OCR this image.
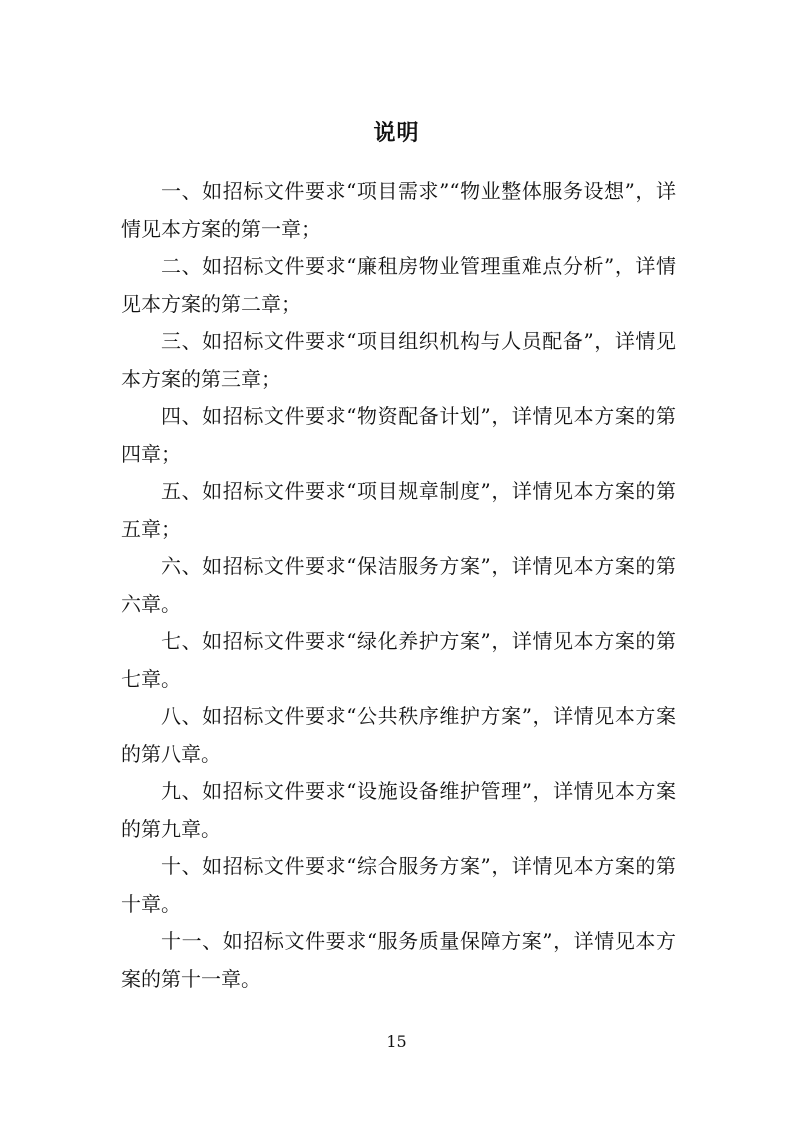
说明

一、如招标文件要求“项目需求”“物业整体服务设想”，详情见本方案的第一章；

二、如招标文件要求“廉租房物业管理重难点分析”，详情见本方案的第二章；

三、如招标文件要求“项目组织机构与人员配备”，详情见本方案的第三章；

四、如招标文件要求“物资配备计划”，详情见本方案的第四章；

五、如招标文件要求“项目规章制度”，详情见本方案的第五章；

六、如招标文件要求“保洁服务方案”，详情见本方案的第六章。

七、如招标文件要求“绿化养护方案”，详情见本方案的第七章。

八、如招标文件要求“公共秩序维护方案”，详情见本方案的第八章。

九、如招标文件要求“设施设备维护管理”，详情见本方案的第九章。

十、如招标文件要求“综合服务方案”，详情见本方案的第十章。

十一、如招标文件要求“服务质量保障方案”，详情见本方案的第十一章。

15
